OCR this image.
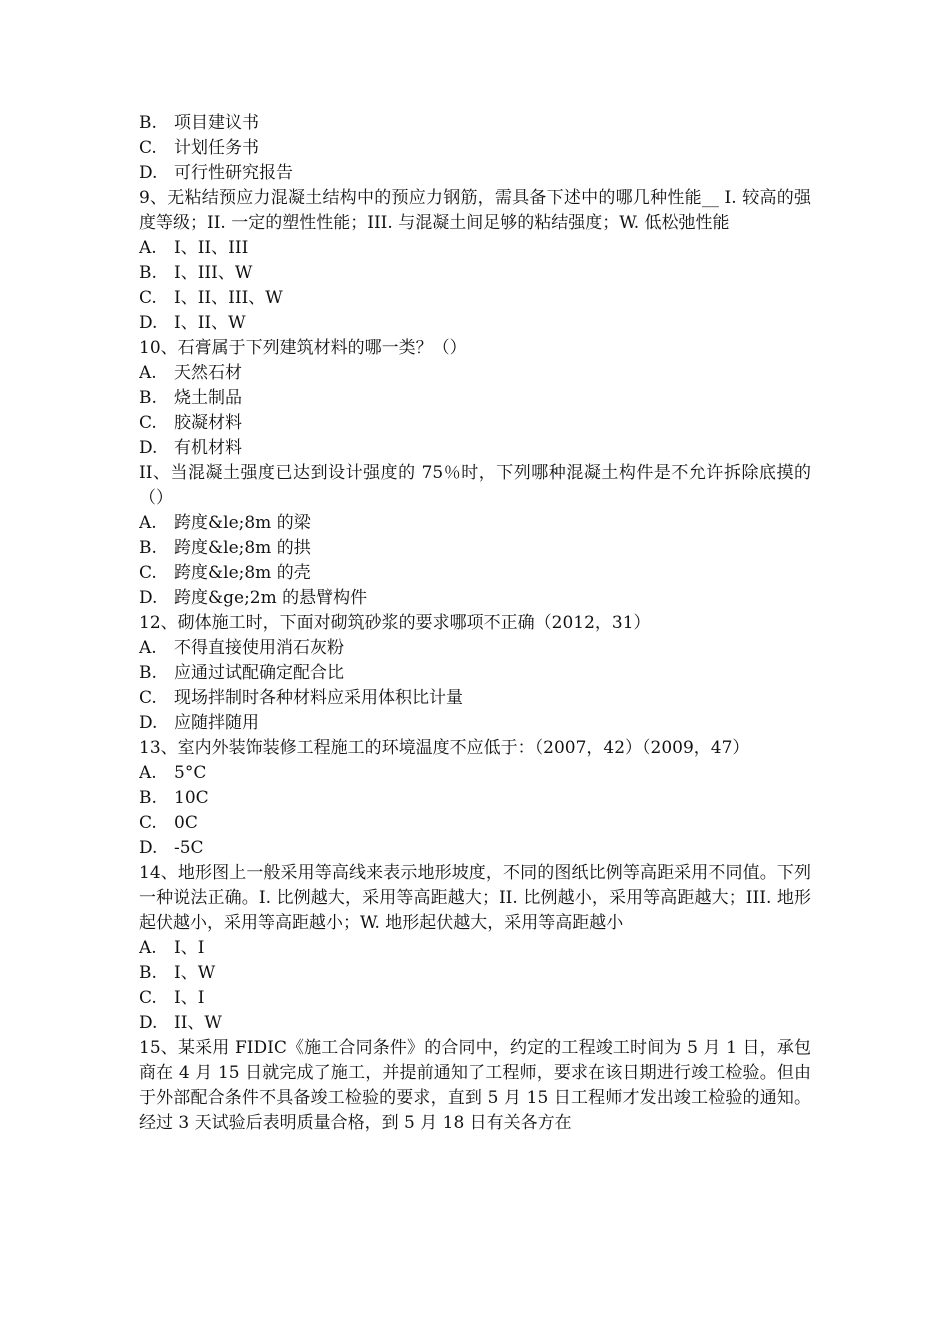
B. 项目建议书
C. 计划任务书
D. 可行性研究报告
9、无粘结预应力混凝土结构中的预应力钢筋，需具备下述中的哪几种性能__ I. 较高的强度等级；II. 一定的塑性性能；III. 与混凝土间足够的粘结强度；W. 低松弛性能
A. I、II、III
B. I、III、W
C. I、II、III、W
D. I、II、W
10、石膏属于下列建筑材料的哪一类？（）
A. 天然石材
B. 烧土制品
C. 胶凝材料
D. 有机材料
II、当混凝土强度已达到设计强度的 75％时，下列哪种混凝土构件是不允许拆除底摸的（）
A. 跨度&le;8m 的梁
B. 跨度&le;8m 的拱
C. 跨度&le;8m 的壳
D. 跨度&ge;2m 的悬臂构件
12、砌体施工时，下面对砌筑砂浆的要求哪项不正确（2012，31）
A. 不得直接使用消石灰粉
B. 应通过试配确定配合比
C. 现场拌制时各种材料应采用体积比计量
D. 应随拌随用
13、室内外装饰装修工程施工的环境温度不应低于：（2007，42）（2009，47）
A. 5°C
B. 10C
C. 0C
D. -5C
14、地形图上一般采用等高线来表示地形坡度，不同的图纸比例等高距采用不同值。下列一种说法正确。I. 比例越大，采用等高距越大；II. 比例越小，采用等高距越大；III. 地形起伏越小，采用等高距越小；W. 地形起伏越大，采用等高距越小
A. I、I
B. I、W
C. I、I
D. II、W
15、某采用 FIDIC《施工合同条件》的合同中，约定的工程竣工时间为 5 月 1 日，承包商在 4 月 15 日就完成了施工，并提前通知了工程师，要求在该日期进行竣工检验。但由于外部配合条件不具备竣工检验的要求，直到 5 月 15 日工程师才发出竣工检验的通知。经过 3 天试验后表明质量合格，到 5 月 18 日有关各方在
